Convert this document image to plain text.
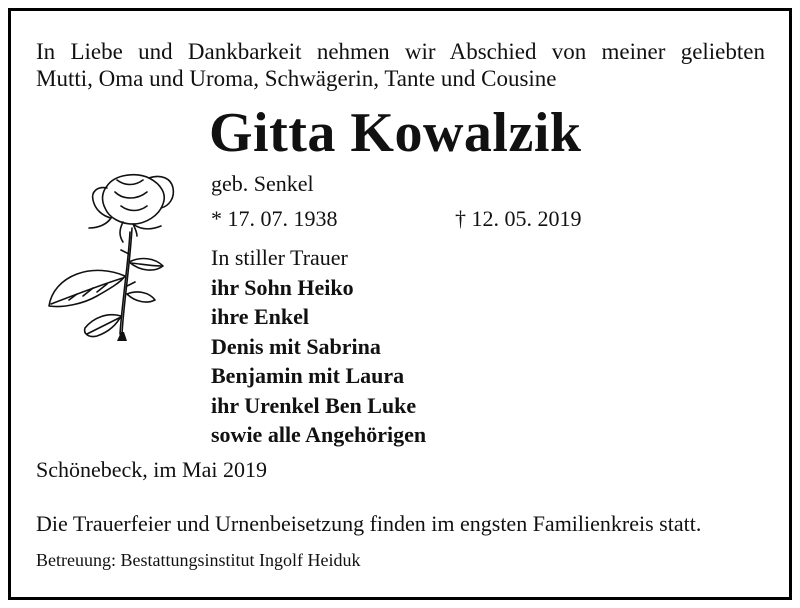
In Liebe und Dankbarkeit nehmen wir Abschied von meiner geliebten
Mutti, Oma und Uroma, Schwägerin, Tante und Cousine
Gitta Kowalzik
geb. Senkel
* 17. 07. 1938	† 12. 05. 2019
In stiller Trauer
ihr Sohn Heiko
ihre Enkel
Denis mit Sabrina
Benjamin mit Laura
ihr Urenkel Ben Luke
sowie alle Angehörigen
Schönebeck, im Mai 2019
Die Trauerfeier und Urnenbeisetzung finden im engsten Familienkreis statt.
Betreuung: Bestattungsinstitut Ingolf Heiduk
